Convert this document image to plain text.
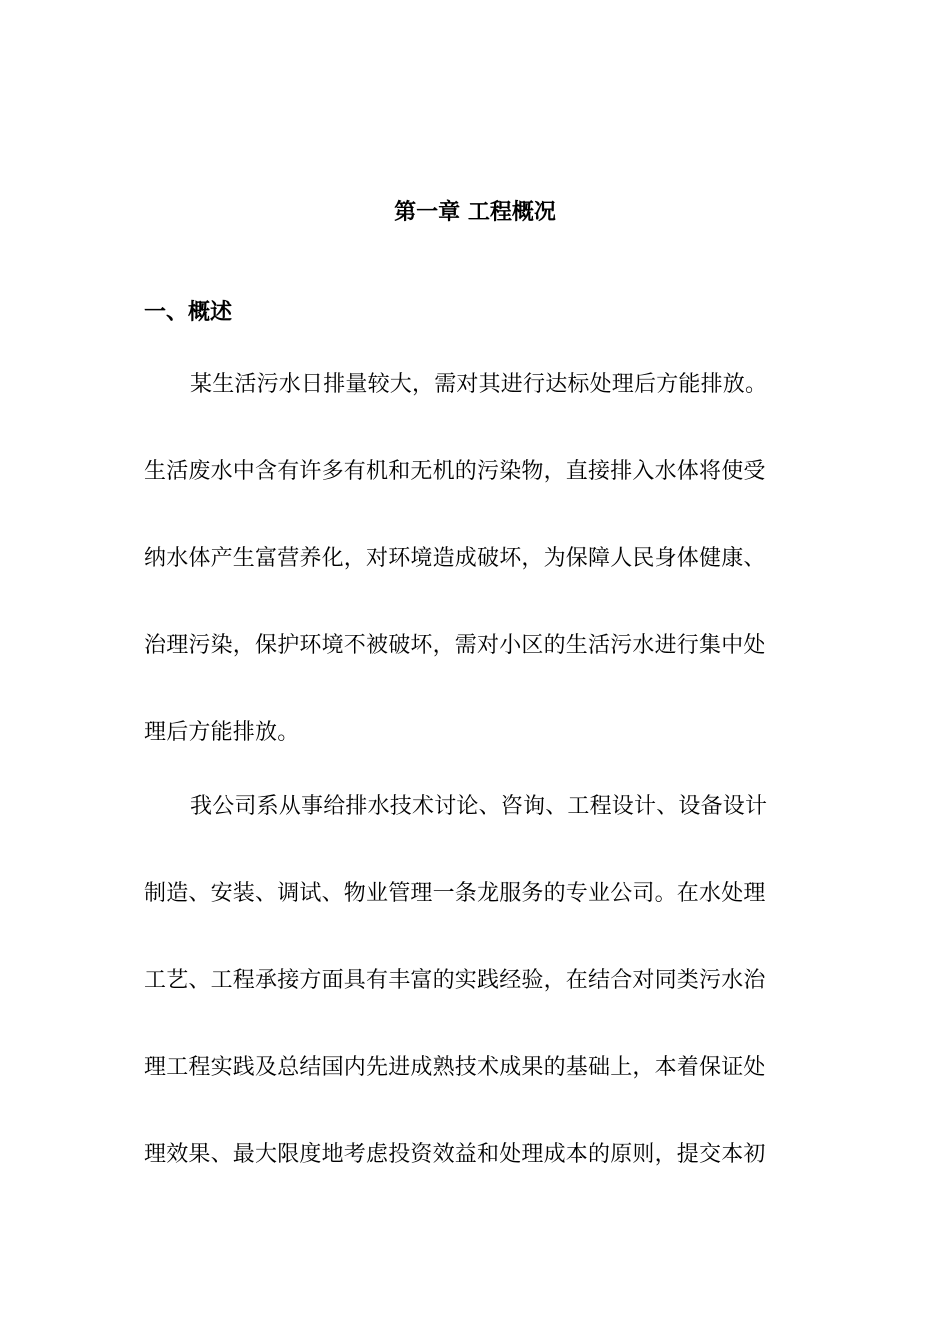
第一章 工程概况
一、概述
某生活污水日排量较大，需对其进行达标处理后方能排放。
生活废水中含有许多有机和无机的污染物，直接排入水体将使受
纳水体产生富营养化，对环境造成破坏，为保障人民身体健康、
治理污染，保护环境不被破坏，需对小区的生活污水进行集中处
理后方能排放。
我公司系从事给排水技术讨论、咨询、工程设计、设备设计
制造、安装、调试、物业管理一条龙服务的专业公司。在水处理
工艺、工程承接方面具有丰富的实践经验，在结合对同类污水治
理工程实践及总结国内先进成熟技术成果的基础上，本着保证处
理效果、最大限度地考虑投资效益和处理成本的原则，提交本初
